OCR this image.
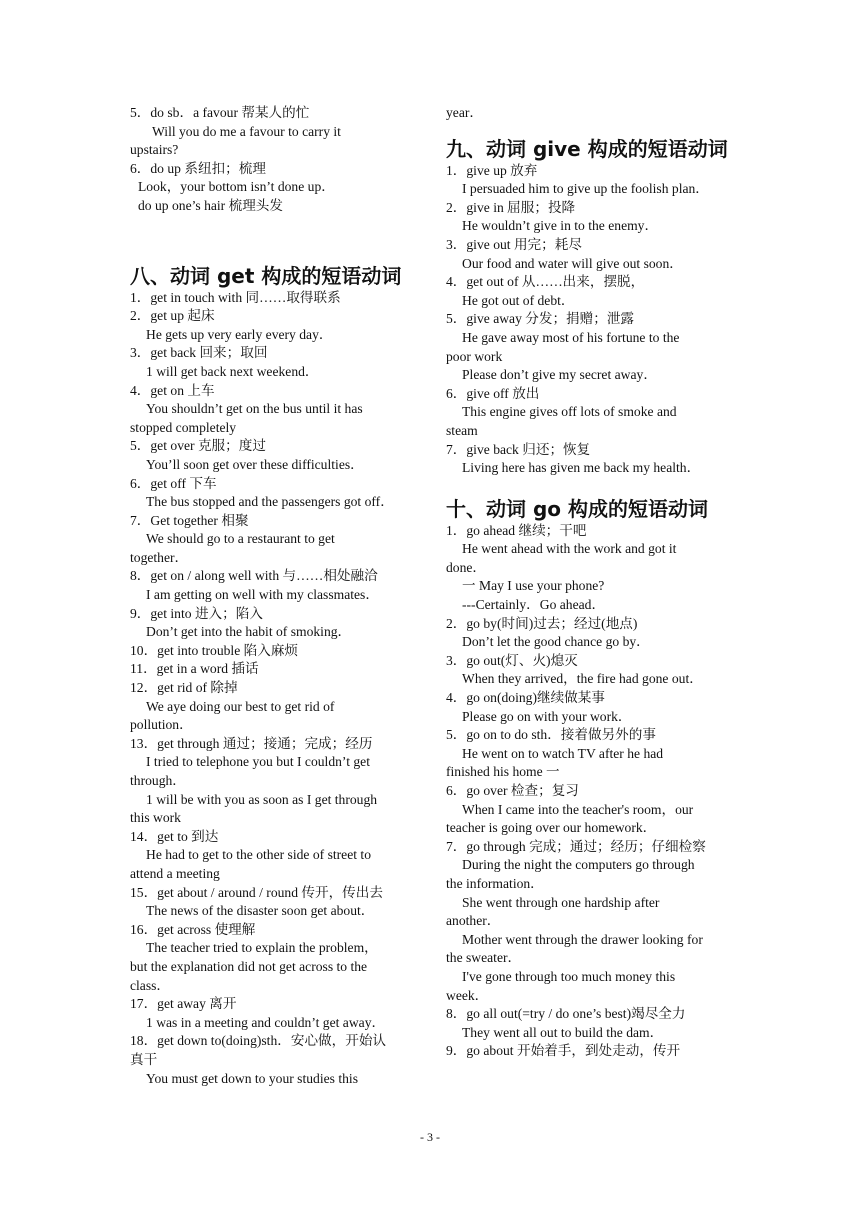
5．do sb．a favour 帮某人的忙
Will you do me a favour to carry it
upstairs?
6．do up 系纽扣；梳理
Look，your bottom isn’t done up．
do up one’s hair 梳理头发
八、动词 get 构成的短语动词
1．get in touch with 同……取得联系
2．get up 起床
He gets up very early every day．
3．get back 回来；取回
1 will get back next weekend．
4．get on 上车
You shouldn’t get on the bus until it has
stopped completely
5．get over 克服；度过
You’ll soon get over these difficulties．
6．get off 下车
The bus stopped and the passengers got off．
7．Get together 相聚
We should go to a restaurant to get
together．
8．get on / along well with 与……相处融洽
I am getting on well with my classmates．
9．get into 进入；陷入
Don’t get into the habit of smoking．
10．get into trouble 陷入麻烦
11．get in a word 插话
12．get rid of 除掉
We aye doing our best to get rid of
pollution．
13．get through 通过；接通；完成；经历
I tried to telephone you but I couldn’t get
through．
1 will be with you as soon as I get through
this work
14．get to 到达
He had to get to the other side of street to
attend a meeting
15．get about / around / round 传开，传出去
The news of the disaster soon get about．
16．get across 使理解
The teacher tried to explain the problem，
but the explanation did not get across to the
class．
17．get away 离开
1 was in a meeting and couldn’t get away．
18．get down to(doing)sth．安心做，开始认
真干
You must get down to your studies this
year．
九、动词 give 构成的短语动词
1．give up 放弃
I persuaded him to give up the foolish plan．
2．give in 屈服；投降
He wouldn’t give in to the enemy．
3．give out 用完；耗尽
Our food and water will give out soon．
4．get out of 从……出来，摆脱，
He got out of debt．
5．give away 分发；捐赠；泄露
He gave away most of his fortune to the
poor work
Please don’t give my secret away．
6．give off 放出
This engine gives off lots of smoke and
steam
7．give back 归还；恢复
Living here has given me back my health．
十、动词 go 构成的短语动词
1．go ahead 继续；干吧
He went ahead with the work and got it
done．
一 May I use your phone?
---Certainly．Go ahead．
2．go by(时间)过去；经过(地点)
Don’t let the good chance go by．
3．go out(灯、火)熄灭
When they arrived，the fire had gone out．
4．go on(doing)继续做某事
Please go on with your work．
5．go on to do sth．接着做另外的事
He went on to watch TV after he had
finished his home 一
6．go over 检查；复习
When I came into the teacher's room，our
teacher is going over our homework．
7．go through 完成；通过；经历；仔细检察
During the night the computers go through
the information．
She went through one hardship after
another．
Mother went through the drawer looking for
the sweater．
I've gone through too much money this
week．
8．go all out(=try / do one’s best)竭尽全力
They went all out to build the dam．
9．go about 开始着手，到处走动，传开
- 3 -
